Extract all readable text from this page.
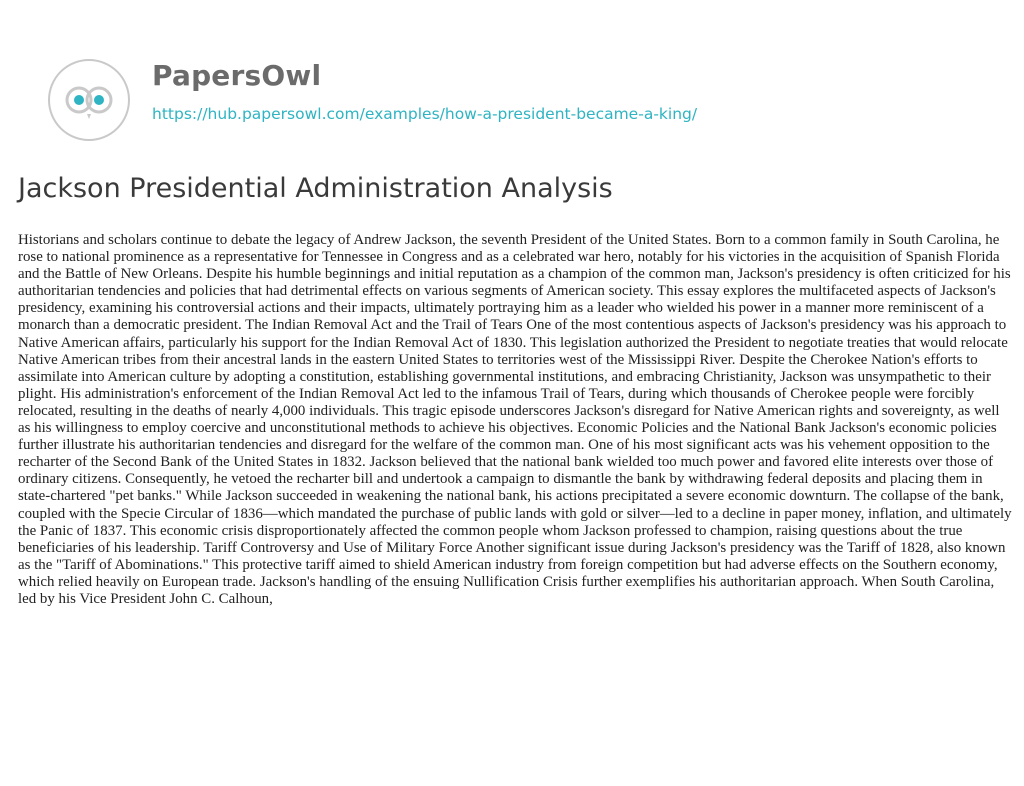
PapersOwl
https://hub.papersowl.com/examples/how-a-president-became-a-king/
Jackson Presidential Administration Analysis

Historians and scholars continue to debate the legacy of Andrew Jackson, the seventh President of the United States. Born to a common family in South Carolina, he rose to national prominence as a representative for Tennessee in Congress and as a celebrated war hero, notably for his victories in the acquisition of Spanish Florida and the Battle of New Orleans. Despite his humble beginnings and initial reputation as a champion of the common man, Jackson's presidency is often criticized for his authoritarian tendencies and policies that had detrimental effects on various segments of American society. This essay explores the multifaceted aspects of Jackson's presidency, examining his controversial actions and their impacts, ultimately portraying him as a leader who wielded his power in a manner more reminiscent of a monarch than a democratic president. The Indian Removal Act and the Trail of Tears One of the most contentious aspects of Jackson's presidency was his approach to Native American affairs, particularly his support for the Indian Removal Act of 1830. This legislation authorized the President to negotiate treaties that would relocate Native American tribes from their ancestral lands in the eastern United States to territories west of the Mississippi River. Despite the Cherokee Nation's efforts to assimilate into American culture by adopting a constitution, establishing governmental institutions, and embracing Christianity, Jackson was unsympathetic to their plight. His administration's enforcement of the Indian Removal Act led to the infamous Trail of Tears, during which thousands of Cherokee people were forcibly relocated, resulting in the deaths of nearly 4,000 individuals. This tragic episode underscores Jackson's disregard for Native American rights and sovereignty, as well as his willingness to employ coercive and unconstitutional methods to achieve his objectives. Economic Policies and the National Bank Jackson's economic policies further illustrate his authoritarian tendencies and disregard for the welfare of the common man. One of his most significant acts was his vehement opposition to the recharter of the Second Bank of the United States in 1832. Jackson believed that the national bank wielded too much power and favored elite interests over those of ordinary citizens. Consequently, he vetoed the recharter bill and undertook a campaign to dismantle the bank by withdrawing federal deposits and placing them in state-chartered "pet banks." While Jackson succeeded in weakening the national bank, his actions precipitated a severe economic downturn. The collapse of the bank, coupled with the Specie Circular of 1836—which mandated the purchase of public lands with gold or silver—led to a decline in paper money, inflation, and ultimately the Panic of 1837. This economic crisis disproportionately affected the common people whom Jackson professed to champion, raising questions about the true beneficiaries of his leadership. Tariff Controversy and Use of Military Force Another significant issue during Jackson's presidency was the Tariff of 1828, also known as the "Tariff of Abominations." This protective tariff aimed to shield American industry from foreign competition but had adverse effects on the Southern economy, which relied heavily on European trade. Jackson's handling of the ensuing Nullification Crisis further exemplifies his authoritarian approach. When South Carolina, led by his Vice President John C. Calhoun,
